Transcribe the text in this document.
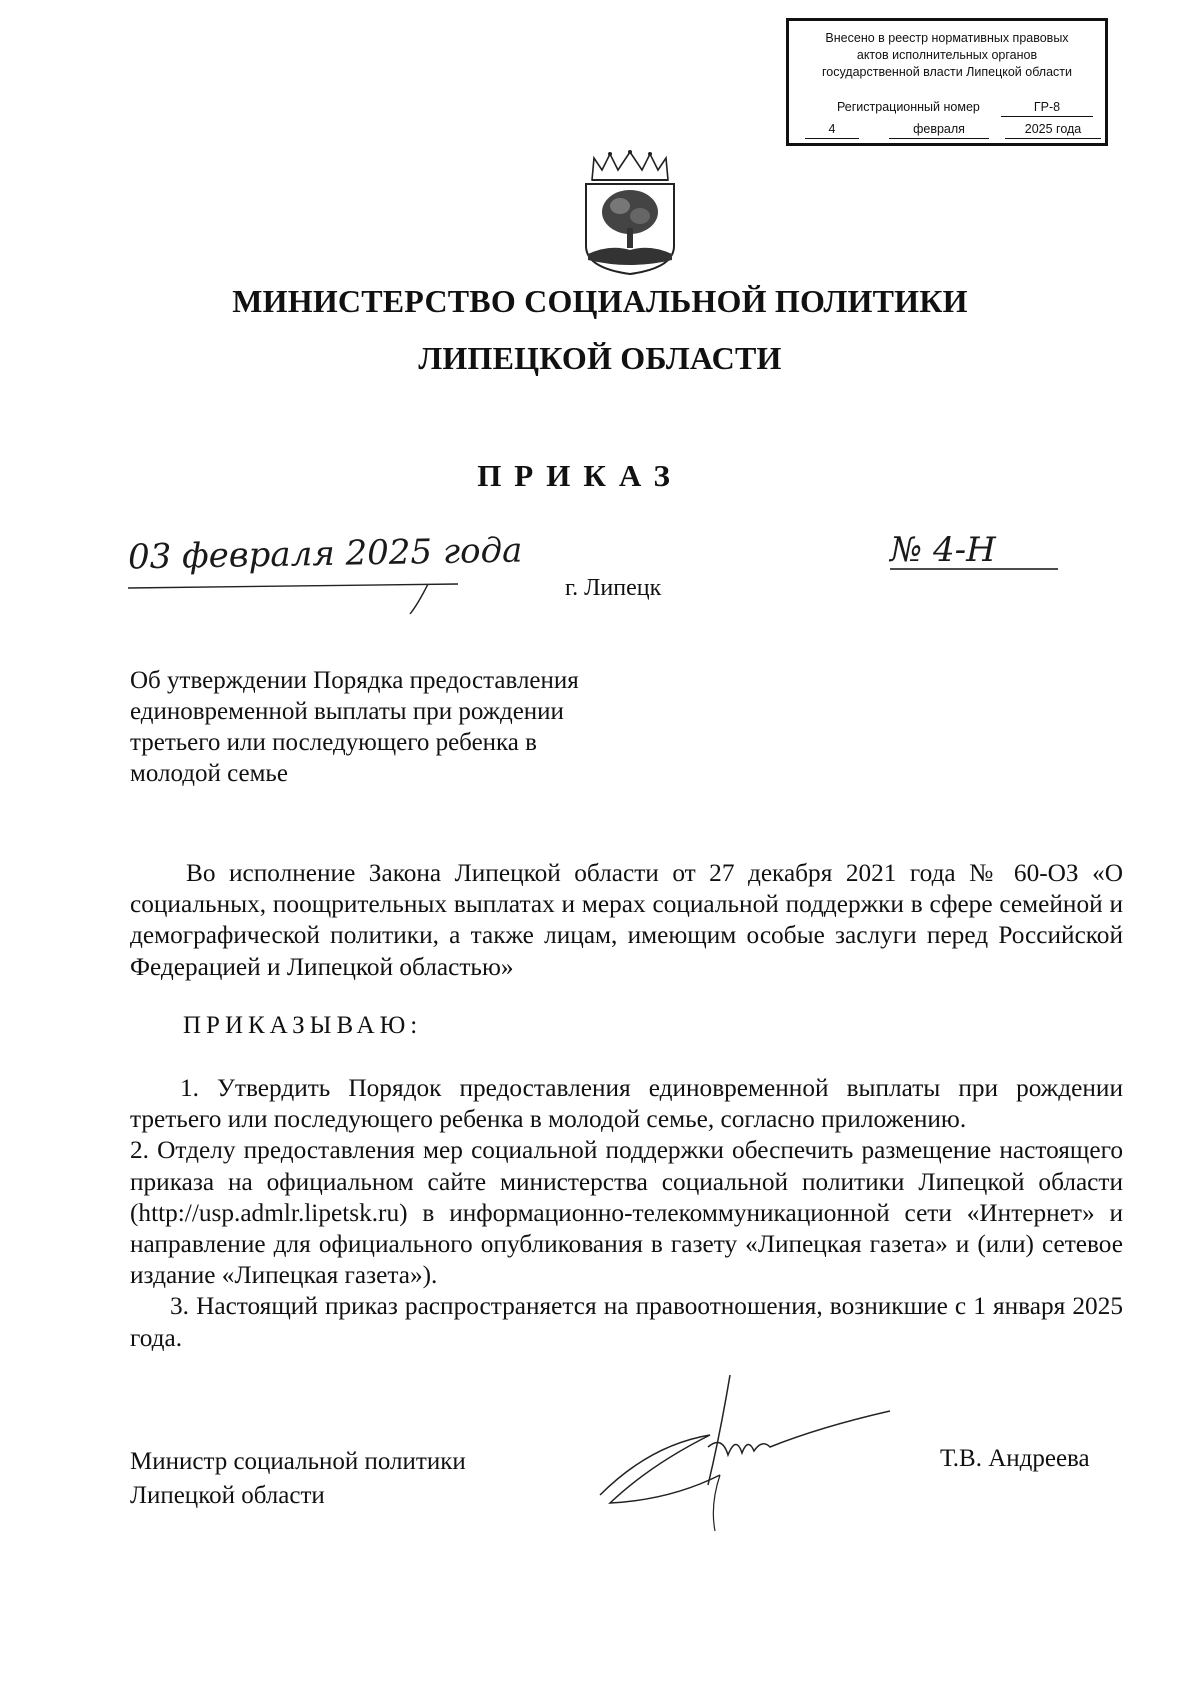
Внесено в реестр нормативных правовых
актов исполнительных органов
государственной власти Липецкой области
Регистрационный номер	ГР-8
4	февраля	2025 года
МИНИСТЕРСТВО СОЦИАЛЬНОЙ ПОЛИТИКИ
ЛИПЕЦКОЙ ОБЛАСТИ
ПРИКАЗ
03 февраля 2025 года	№ 4-Н
г. Липецк
Об утверждении Порядка предоставления
единовременной выплаты при рождении
третьего или последующего ребенка в
молодой семье
Во исполнение Закона Липецкой области от 27 декабря 2021 года № 60-ОЗ «О социальных, поощрительных выплатах и мерах социальной поддержки в сфере семейной и демографической политики, а также лицам, имеющим особые заслуги перед Российской Федерацией и Липецкой областью»
ПРИКАЗЫВАЮ:

1. Утвердить Порядок предоставления единовременной выплаты при рождении третьего или последующего ребенка в молодой семье, согласно приложению.

2. Отделу предоставления мер социальной поддержки обеспечить размещение настоящего приказа на официальном сайте министерства социальной политики Липецкой области (http://usp.admlr.lipetsk.ru) в информационно-телекоммуникационной сети «Интернет» и направление для официального опубликования в газету «Липецкая газета» и (или) сетевое издание «Липецкая газета»).

3. Настоящий приказ распространяется на правоотношения, возникшие с 1 января 2025 года.

Министр социальной политики
Липецкой области
Т.В. Андреева
